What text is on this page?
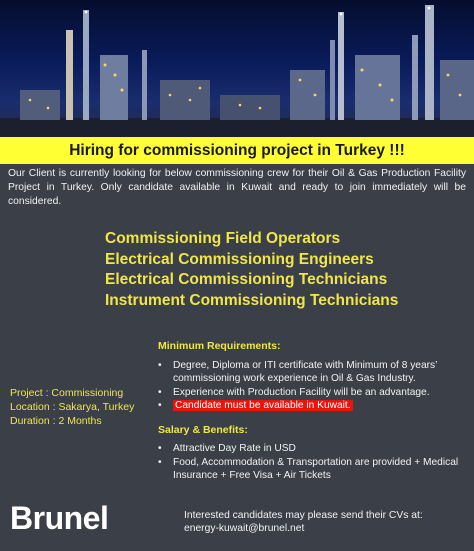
Hiring for commissioning project in Turkey !!!
Our Client is currently looking for below commissioning crew for their Oil & Gas Production Facility Project in Turkey. Only candidate available in Kuwait and ready to join immediately will be considered.
Commissioning Field Operators
Electrical Commissioning Engineers
Electrical Commissioning Technicians
Instrument Commissioning Technicians
Project : Commissioning
Location : Sakarya, Turkey
Duration : 2 Months
Minimum Requirements:
• Degree, Diploma or ITI certificate with Minimum of 8 years’ commissioning work experience in Oil & Gas Industry.
• Experience with Production Facility will be an advantage.
• Candidate must be available in Kuwait.
Salary & Benefits:
• Attractive Day Rate in USD
• Food, Accommodation & Transportation are provided + Medical Insurance + Free Visa + Air Tickets
Brunel	Interested candidates may please send their CVs at:
energy-kuwait@brunel.net
